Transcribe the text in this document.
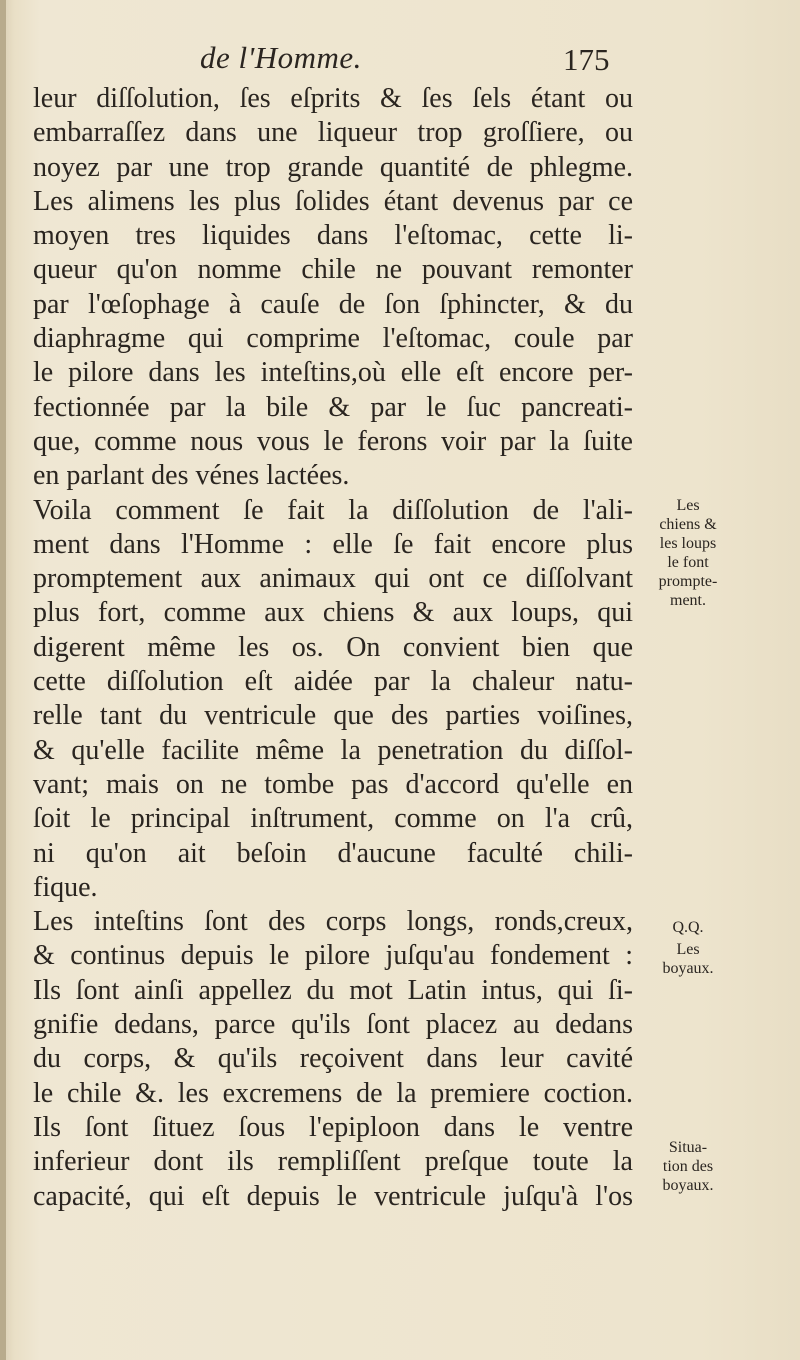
de l'Homme.	175
leur diſſolution, ſes eſprits & ſes ſels étant ou
embarraſſez dans une liqueur trop groſſiere, ou
noyez par une trop grande quantité de phlegme.
Les alimens les plus ſolides étant devenus par ce
moyen tres liquides dans l'eſtomac, cette li-
queur qu'on nomme chile ne pouvant remonter
par l'œſophage à cauſe de ſon ſphincter, & du
diaphragme qui comprime l'eſtomac, coule par
le pilore dans les inteſtins,où elle eſt encore per-
fectionnée par la bile & par le ſuc pancreati-
que, comme nous vous le ferons voir par la ſuite
en parlant des vénes lactées.
Voila comment ſe fait la diſſolution de l'ali-
ment dans l'Homme : elle ſe fait encore plus
promptement aux animaux qui ont ce diſſolvant
plus fort, comme aux chiens & aux loups, qui
digerent même les os. On convient bien que
cette diſſolution eſt aidée par la chaleur natu-
relle tant du ventricule que des parties voiſines,
& qu'elle facilite même la penetration du diſſol-
vant; mais on ne tombe pas d'accord qu'elle en
ſoit le principal inſtrument, comme on l'a crû,
ni qu'on ait beſoin d'aucune faculté chili-
fique.
Les inteſtins ſont des corps longs, ronds,creux,
& continus depuis le pilore juſqu'au fondement :
Ils ſont ainſi appellez du mot Latin intus, qui ſi-
gnifie dedans, parce qu'ils ſont placez au dedans
du corps, & qu'ils reçoivent dans leur cavité
le chile &. les excremens de la premiere coction.
Ils ſont ſituez ſous l'epiploon dans le ventre
inferieur dont ils rempliſſent preſque toute la
capacité, qui eſt depuis le ventricule juſqu'à l'os
Les
chiens &
les loups
le font
prompte-
ment.
Q.Q.
Les
boyaux.
Situa-
tion des
boyaux.
